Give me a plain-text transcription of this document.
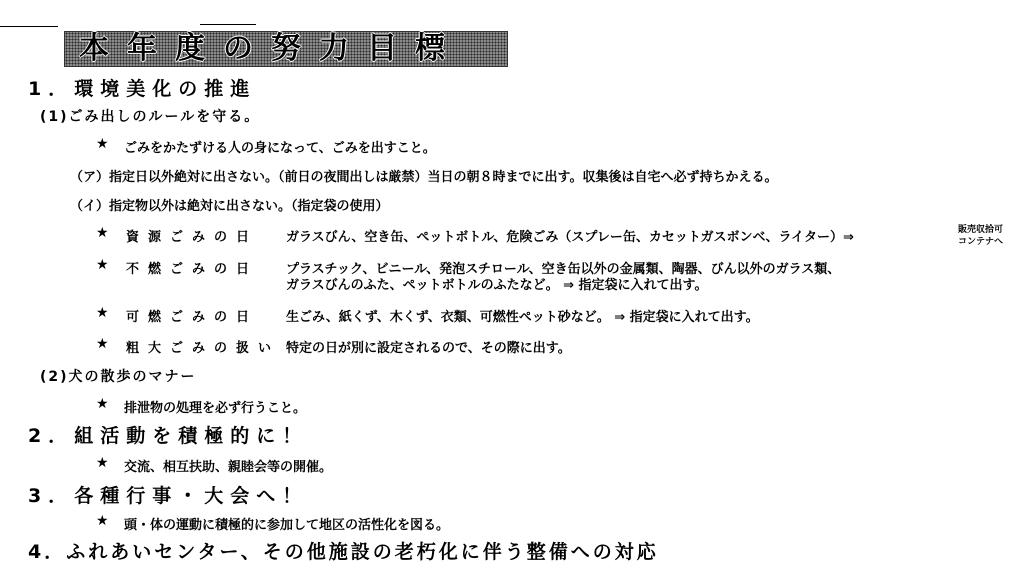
本年度の努力目標
1．環境美化の推進
(1)ごみ出しのルールを守る。
★ ごみをかたずける人の身になって、ごみを出すこと。
（ア）指定日以外絶対に出さない。（前日の夜間出しは厳禁）当日の朝８時までに出す。収集後は自宅へ必ず持ちかえる。
（イ）指定物以外は絶対に出さない。（指定袋の使用）
★ 資源ごみの日 ガラスびん、空き缶、ペットボトル、危険ごみ（スプレー缶、カセットガスボンベ、ライター）⇒	販売収拾可
コンテナへ
★ 不燃ごみの日 プラスチック、ビニール、発泡スチロール、空き缶以外の金属類、陶器、びん以外のガラス類、
ガラスびんのふた、ペットボトルのふたなど。 ⇒ 指定袋に入れて出す。
★ 可燃ごみの日 生ごみ、紙くず、木くず、衣類、可燃性ペット砂など。 ⇒ 指定袋に入れて出す。
★ 粗大ごみの扱い 特定の日が別に設定されるので、その際に出す。
(2)犬の散歩のマナー
★ 排泄物の処理を必ず行うこと。
2．組活動を積極的に！
★ 交流、相互扶助、親睦会等の開催。
3．各種行事・大会へ！
★ 頭・体の運動に積極的に参加して地区の活性化を図る。
4．ふれあいセンター、その他施設の老朽化に伴う整備への対応
